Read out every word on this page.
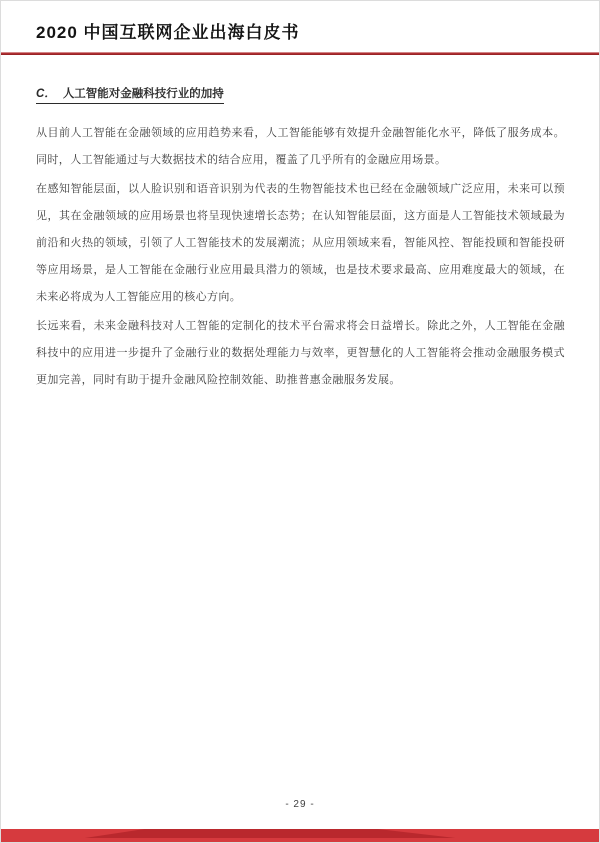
2020 中国互联网企业出海白皮书
C． 人工智能对金融科技行业的加持

从目前人工智能在金融领域的应用趋势来看，人工智能能够有效提升金融智能化水平，降低了服务成本。同时，人工智能通过与大数据技术的结合应用，覆盖了几乎所有的金融应用场景。

在感知智能层面，以人脸识别和语音识别为代表的生物智能技术也已经在金融领域广泛应用，未来可以预见，其在金融领域的应用场景也将呈现快速增长态势；在认知智能层面，这方面是人工智能技术领域最为前沿和火热的领域，引领了人工智能技术的发展潮流；从应用领域来看，智能风控、智能投顾和智能投研等应用场景，是人工智能在金融行业应用最具潜力的领域，也是技术要求最高、应用难度最大的领域，在未来必将成为人工智能应用的核心方向。

长远来看，未来金融科技对人工智能的定制化的技术平台需求将会日益增长。除此之外，人工智能在金融科技中的应用进一步提升了金融行业的数据处理能力与效率，更智慧化的人工智能将会推动金融服务模式更加完善，同时有助于提升金融风险控制效能、助推普惠金融服务发展。

- 29 -
